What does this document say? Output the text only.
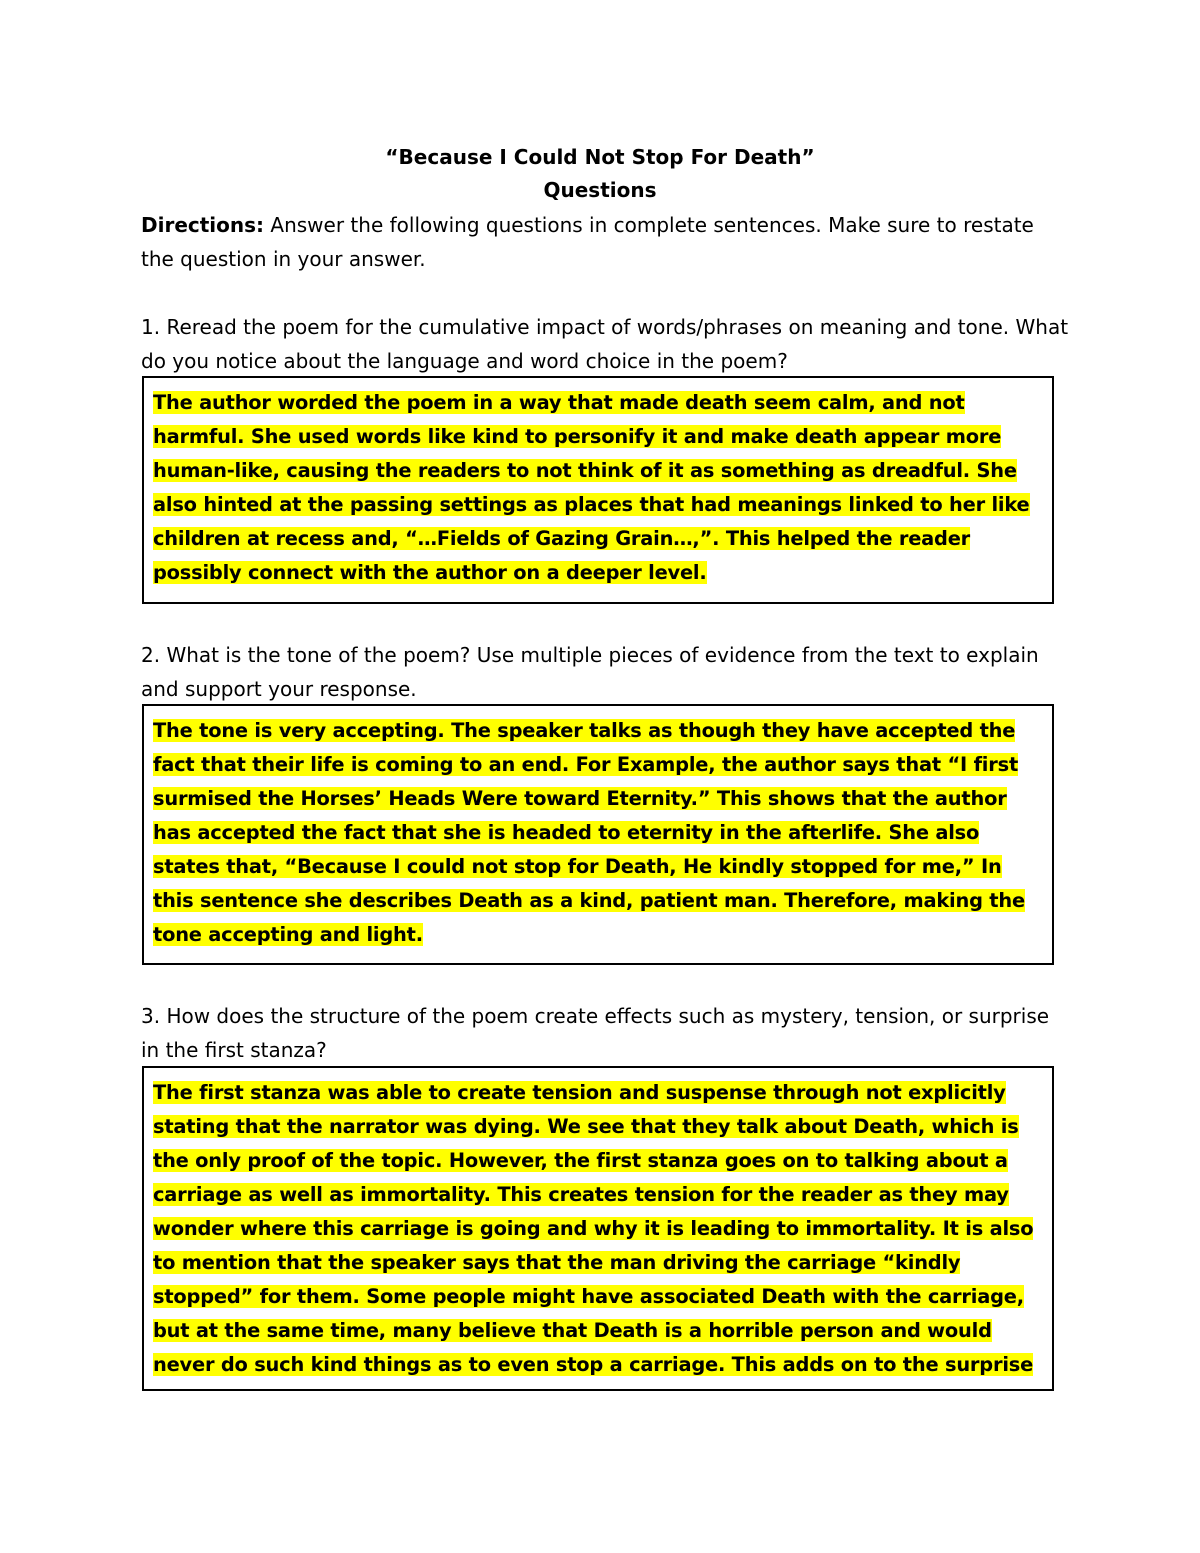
“Because I Could Not Stop For Death”
Questions
Directions: Answer the following questions in complete sentences. Make sure to restate the question in your answer.
1. Reread the poem for the cumulative impact of words/phrases on meaning and tone. What do you notice about the language and word choice in the poem?
The author worded the poem in a way that made death seem calm, and not harmful. She used words like kind to personify it and make death appear more human-like, causing the readers to not think of it as something as dreadful. She also hinted at the passing settings as places that had meanings linked to her like children at recess and, “…Fields of Gazing Grain…,”. This helped the reader possibly connect with the author on a deeper level.
2. What is the tone of the poem? Use multiple pieces of evidence from the text to explain and support your response.
The tone is very accepting. The speaker talks as though they have accepted the fact that their life is coming to an end. For Example, the author says that “I first surmised the Horses’ Heads Were toward Eternity.” This shows that the author has accepted the fact that she is headed to eternity in the afterlife. She also states that, “Because I could not stop for Death, He kindly stopped for me,” In this sentence she describes Death as a kind, patient man. Therefore, making the tone accepting and light.
3. How does the structure of the poem create effects such as mystery, tension, or surprise in the first stanza?
The first stanza was able to create tension and suspense through not explicitly stating that the narrator was dying. We see that they talk about Death, which is the only proof of the topic. However, the first stanza goes on to talking about a carriage as well as immortality. This creates tension for the reader as they may wonder where this carriage is going and why it is leading to immortality. It is also to mention that the speaker says that the man driving the carriage “kindly stopped” for them. Some people might have associated Death with the carriage, but at the same time, many believe that Death is a horrible person and would never do such kind things as to even stop a carriage. This adds on to the surprise
